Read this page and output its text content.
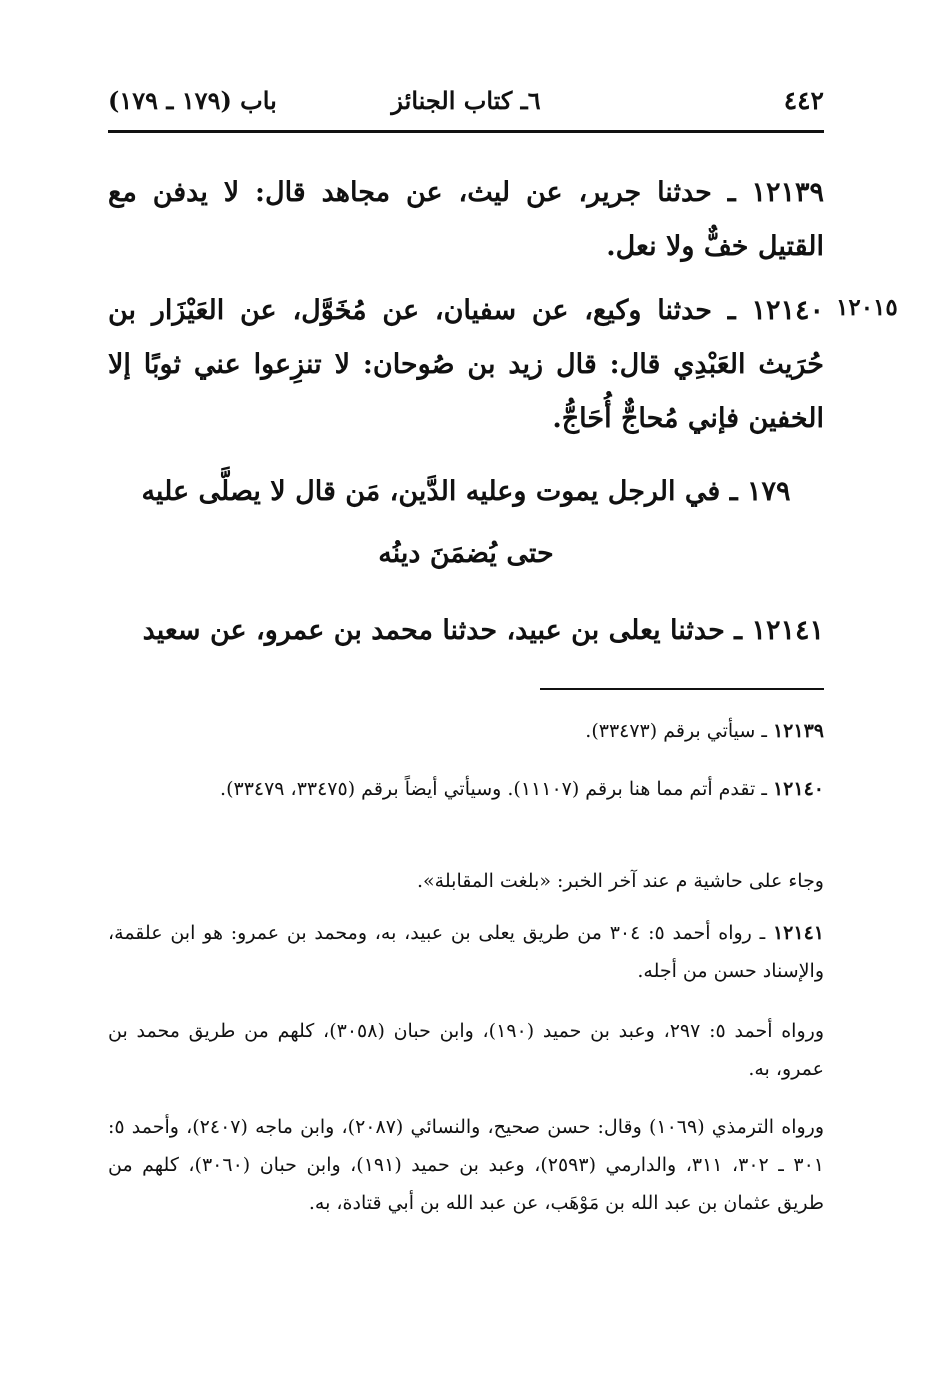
٤٤٢
٦ـ كتاب الجنائز
باب (١٧٩ ـ ١٧٩)
١٢١٣٩ ـ حدثنا جرير، عن ليث، عن مجاهد قال: لا يدفن مع القتيل خفٌّ ولا نعل.
١٢٠١٥
١٢١٤٠ ـ حدثنا وكيع، عن سفيان، عن مُخَوَّل، عن العَيْزَار بن حُرَيث العَبْدِي قال: قال زيد بن صُوحان: لا تنزِعوا عني ثوبًا إلا الخفين فإني مُحاجٌّ أُحَاجُّ.
١٧٩ ـ في الرجل يموت وعليه الدَّين، مَن قال لا يصلَّى عليه
حتى يُضمَنَ دينُه
١٢١٤١ ـ حدثنا يعلى بن عبيد، حدثنا محمد بن عمرو، عن سعيد
١٢١٣٩ ـ سيأتي برقم (٣٣٤٧٣).
١٢١٤٠ ـ تقدم أتم مما هنا برقم (١١١٠٧). وسيأتي أيضاً برقم (٣٣٤٧٥، ٣٣٤٧٩).
وجاء على حاشية م عند آخر الخبر: «بلغت المقابلة».
١٢١٤١ ـ رواه أحمد ٥: ٣٠٤ من طريق يعلى بن عبيد، به، ومحمد بن عمرو: هو ابن علقمة، والإسناد حسن من أجله.
ورواه أحمد ٥: ٢٩٧، وعبد بن حميد (١٩٠)، وابن حبان (٣٠٥٨)، كلهم من طريق محمد بن عمرو، به.
ورواه الترمذي (١٠٦٩) وقال: حسن صحيح، والنسائي (٢٠٨٧)، وابن ماجه (٢٤٠٧)، وأحمد ٥: ٣٠١ ـ ٣٠٢، ٣١١، والدارمي (٢٥٩٣)، وعبد بن حميد (١٩١)، وابن حبان (٣٠٦٠)، كلهم من طريق عثمان بن عبد الله بن مَوْهَب، عن عبد الله بن أبي قتادة، به.
